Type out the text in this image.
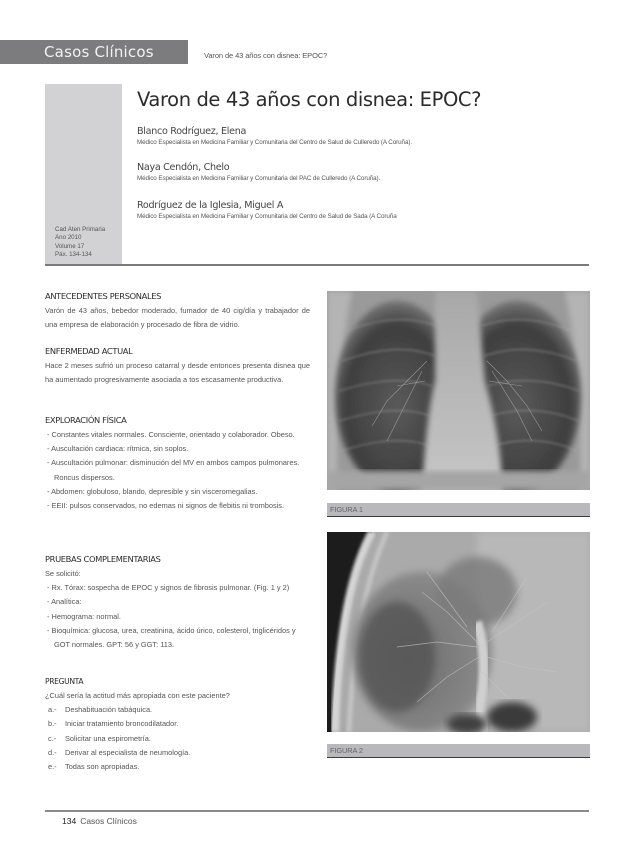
Casos Clínicos	Varon de 43 años con disnea: EPOC?
Cad Aten Primaria
Ano 2010
Volume 17
Páx. 134-134
Varon de 43 años con disnea: EPOC?
Blanco Rodríguez, Elena
Médico Especialista en Medicina Familiar y Comunitaria del Centro de Salud de Culleredo (A Coruña).
Naya Cendón, Chelo
Médico Especialista en Medicina Familiar y Comunitaria del PAC de Culleredo (A Coruña).
Rodríguez de la Iglesia, Miguel A
Médico Especialista en Medicina Familiar y Comunitaria del Centro de Salud de Sada (A Coruña
ANTECEDENTES PERSONALES

Varón de 43 años, bebedor moderado, fumador de 40 cig/día y trabajador de una empresa de elaboración y procesado de fibra de vidrio.

ENFERMEDAD ACTUAL

Hace 2 meses sufrió un proceso catarral y desde entonces presenta disnea que ha aumentado progresivamente asociada a tos escasamente productiva.

EXPLORACIÓN FÍSICA
- Constantes vitales normales. Consciente, orientado y colaborador. Obeso.
- Auscultación cardiaca: rítmica, sin soplos.
- Auscultación pulmonar: disminución del MV en ambos campos pulmonares. Roncus dispersos.
- Abdomen: globuloso, blando, depresible y sin visceromegalias.
- EEII: pulsos conservados, no edemas ni signos de flebitis ni trombosis.
PRUEBAS COMPLEMENTARIAS

Se solicitó:

- Rx. Tórax: sospecha de EPOC y signos de fibrosis pulmonar. (Fig. 1 y 2)
- Analítica:
- Hemograma: normal.
- Bioquímica: glucosa, urea, creatinina, ácido úrico, colesterol, triglicéridos y GOT normales. GPT: 56 y GGT: 113.
PREGUNTA

¿Cuál sería la actitud más apropiada con este paciente?

a.- Deshabituación tabáquica.
b.- Iniciar tratamiento broncodilatador.
c.- Solicitar una espirometría.
d.- Derivar al especialista de neumología.
e.- Todas son apropiadas.
FIGURA 1
FIGURA 2
134 Casos Clínicos
